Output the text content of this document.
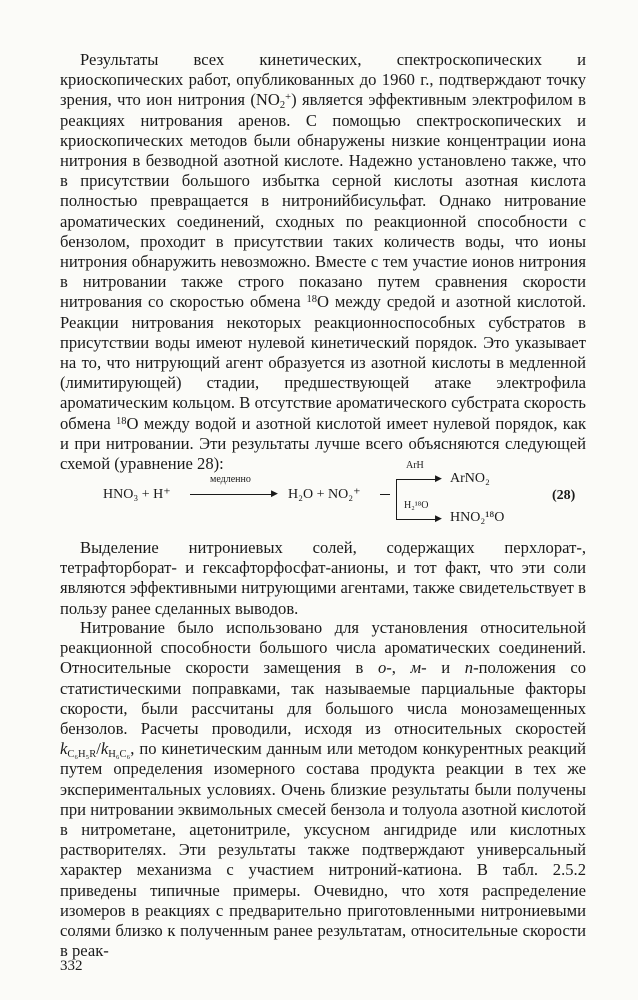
Результаты всех кинетических, спектроскопических и криоскопических работ, опубликованных до 1960 г., подтверждают точку зрения, что ион нитрония $(NO_2^+)$ является эффективным электрофилом в реакциях нитрования аренов. С помощью спектроскопических и криоскопических методов были обнаружены низкие концентрации иона нитрония в безводной азотной кислоте. Надежно установлено также, что в присутствии большого избытка серной кислоты азотная кислота полностью превращается в нитронийбисульфат. Однако нитрование ароматических соединений, сходных по реакционной способности с бензолом, проходит в присутствии таких количеств воды, что ионы нитрония обнаружить невозможно. Вместе с тем участие ионов нитрония в нитровании также строго показано путем сравнения скорости нитрования со скоростью обмена $^{18}$O между средой и азотной кислотой. Реакции нитрования некоторых реакционноспособных субстратов в присутствии воды имеют нулевой кинетический порядок. Это указывает на то, что нитрующий агент образуется из азотной кислоты в медленной (лимитирующей) стадии, предшествующей атаке электрофила ароматическим кольцом. В отсутствие ароматического субстрата скорость обмена $^{18}$O между водой и азотной кислотой имеет нулевой порядок, как и при нитровании. Эти результаты лучше всего объясняются следующей схемой (уравнение 28):

HNO₃ + H⁺
медленно
▶ H₂O + NO₂⁺
ArH
▶ ArNO₂
H₂¹⁸O
▶ HNO₂¹⁸O
(28)

Выделение нитрониевых солей, содержащих перхлорат-, тетрафторборат- и гексафторфосфат-анионы, и тот факт, что эти соли являются эффективными нитрующими агентами, также свидетельствует в пользу ранее сделанных выводов.

Нитрование было использовано для установления относительной реакционной способности большого числа ароматических соединений. Относительные скорости замещения в о-, м- и п-положения со статистическими поправками, так называемые парциальные факторы скорости, были рассчитаны для большого числа монозамещенных бензолов. Расчеты проводили, исходя из относительных скоростей $k_{C_6H_5R}/k_{H_6C_6}$, по кинетическим данным или методом конкурентных реакций путем определения изомерного состава продукта реакции в тех же экспериментальных условиях. Очень близкие результаты были получены при нитровании эквимольных смесей бензола и толуола азотной кислотой в нитрометане, ацетонитриле, уксусном ангидриде или кислотных растворителях. Эти результаты также подтверждают универсальный характер механизма с участием нитроний-катиона. В табл. 2.5.2 приведены типичные примеры. Очевидно, что хотя распределение изомеров в реакциях с предварительно приготовленными нитрониевыми солями близко к полученным ранее результатам, относительные скорости в реак-

332
